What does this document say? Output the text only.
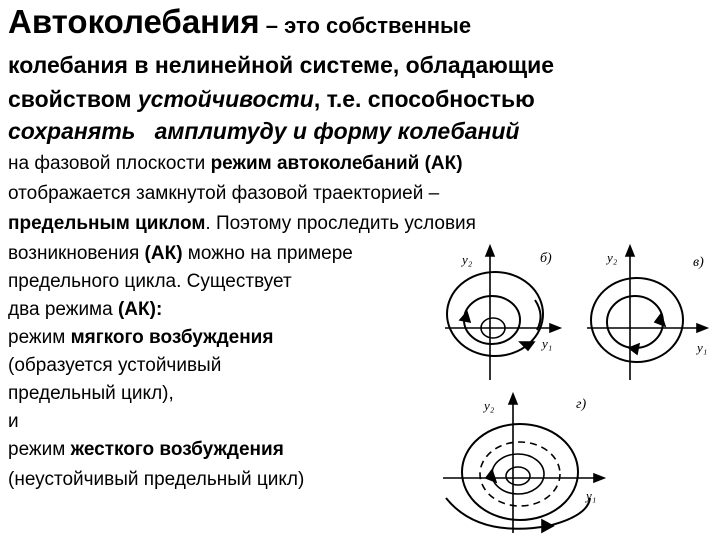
Автоколебания – это собственные
колебания в нелинейной системе, обладающие
свойством устойчивости, т.е. способностью
сохранять   амплитуду и форму колебаний
на фазовой плоскости режим автоколебаний (АК)
отображается замкнутой фазовой траекторией –
предельным циклом. Поэтому проследить условия
возникновения (АК) можно на примере
предельного цикла. Существует
два режима (АК):
режим мягкого возбуждения
(образуется устойчивый
предельный цикл),
и
режим жесткого возбуждения
(неустойчивый предельный цикл)
y₂	б)
y₁
y₂	в)
y₁
y₂	г)
y₁
